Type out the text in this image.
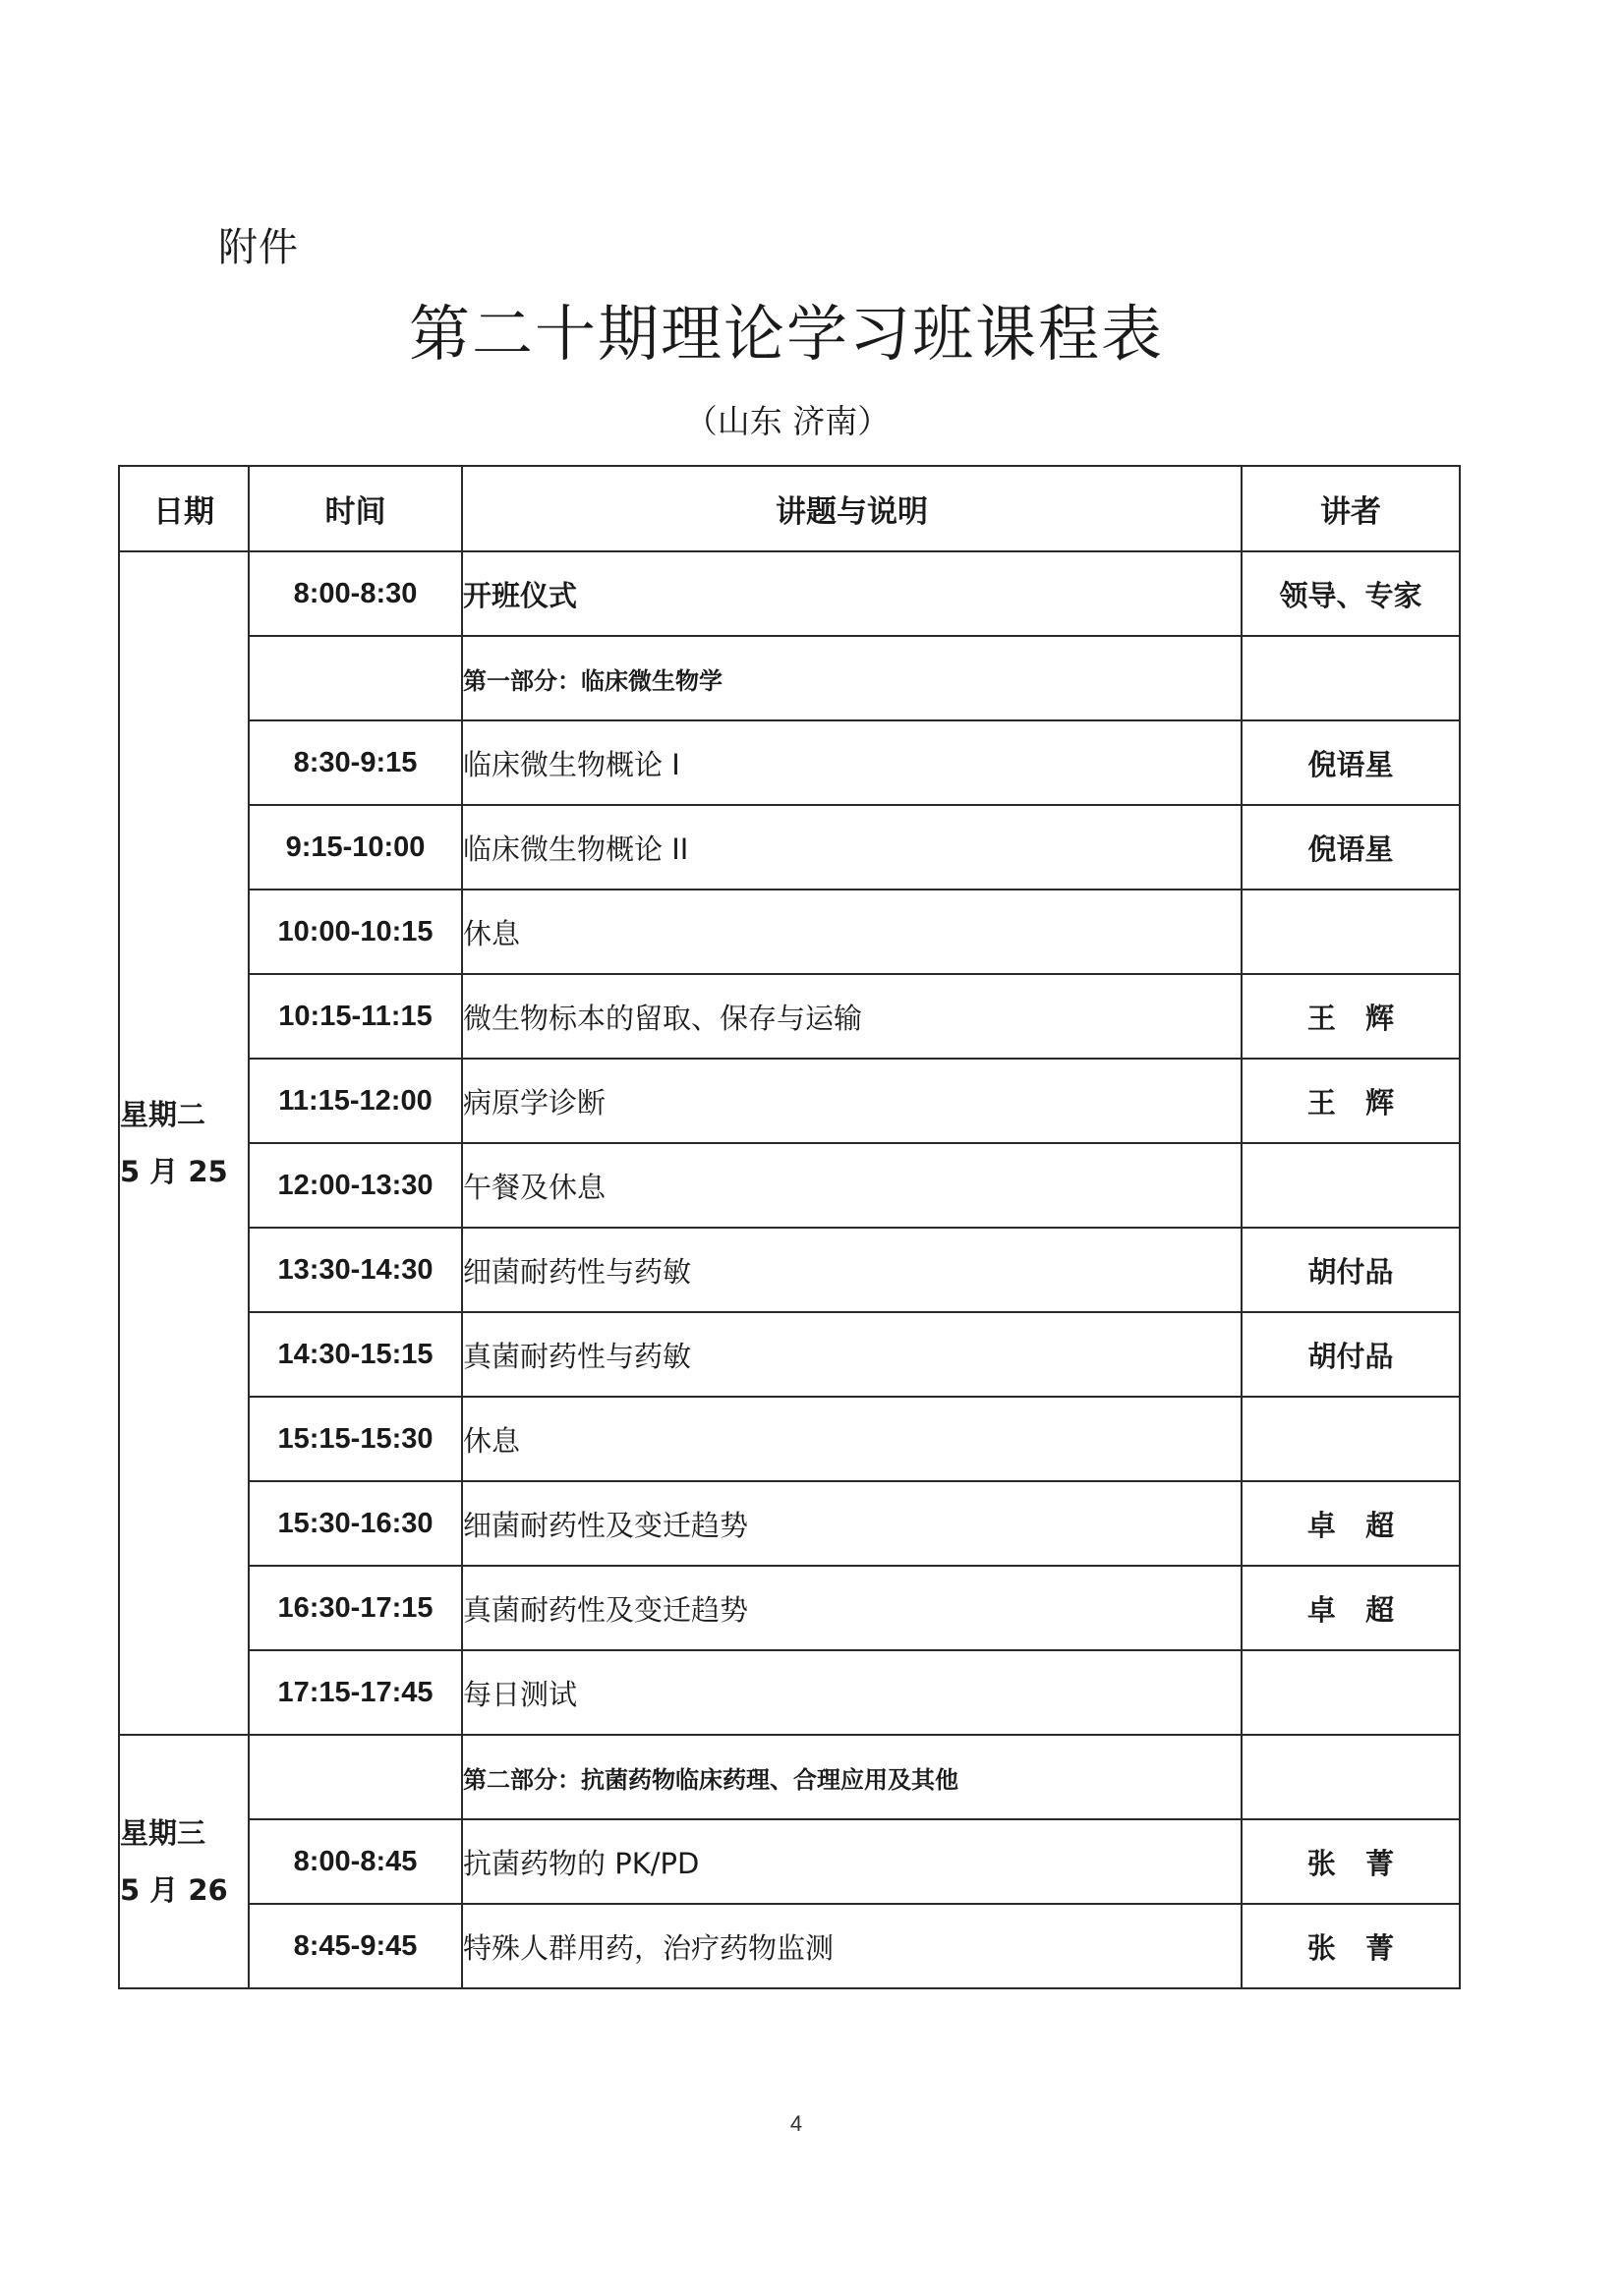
附件
第二十期理论学习班课程表
（山东 济南）
日期	时间	讲题与说明	讲者

星期二
5 月 25	8:00-8:30	开班仪式	领导、专家
		第一部分：临床微生物学	
	8:30-9:15	临床微生物概论 I	倪语星
	9:15-10:00	临床微生物概论 II	倪语星
	10:00-10:15	休息	
	10:15-11:15	微生物标本的留取、保存与运输	王   辉
	11:15-12:00	病原学诊断	王   辉
	12:00-13:30	午餐及休息	
	13:30-14:30	细菌耐药性与药敏	胡付品
	14:30-15:15	真菌耐药性与药敏	胡付品
	15:15-15:30	休息	
	15:30-16:30	细菌耐药性及变迁趋势	卓   超
	16:30-17:15	真菌耐药性及变迁趋势	卓   超
	17:15-17:45	每日测试	

星期三
5 月 26		第二部分：抗菌药物临床药理、合理应用及其他	
	8:00-8:45	抗菌药物的 PK/PD	张   菁
	8:45-9:45	特殊人群用药，治疗药物监测	张   菁
4
